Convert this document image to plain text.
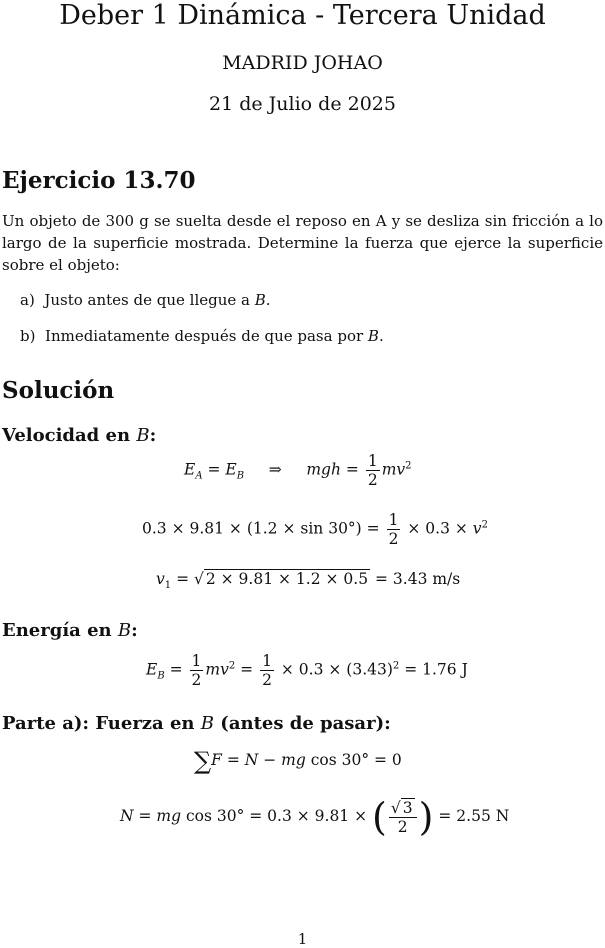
Deber 1 Dinámica - Tercera Unidad
MADRID JOHAO
21 de Julio de 2025
Ejercicio 13.70
Un objeto de 300 g se suelta desde el reposo en A y se desliza sin fricción a lo largo de la superficie mostrada. Determine la fuerza que ejerce la superficie sobre el objeto:
a) Justo antes de que llegue a B.
b) Inmediatamente después de que pasa por B.
Solución
Velocidad en B:
$E_A = E_B$     ⇒     mgh = $\frac{1}{2} mv^2$
$0.3 \times 9.81 \times (1.2 \times \sin 30^\circ) = \frac{1}{2} \times 0.3 \times v^2$
$v_1$ = √ 2 × 9.81 × 1.2 × 0.5 = 3.43 m/s
Energía en B:
$E_B = \frac{1}{2} mv^2 = \frac{1}{2} \times 0.3 \times (3.43)^2 = 1.76$ J
Parte a): Fuerza en B (antes de pasar):
∑F = N − mg cos 30° = 0
N = mg cos 30° = 0.3 × 9.81 × ( $\frac{√ 3}{2}$ ) = 2.55 N
1
